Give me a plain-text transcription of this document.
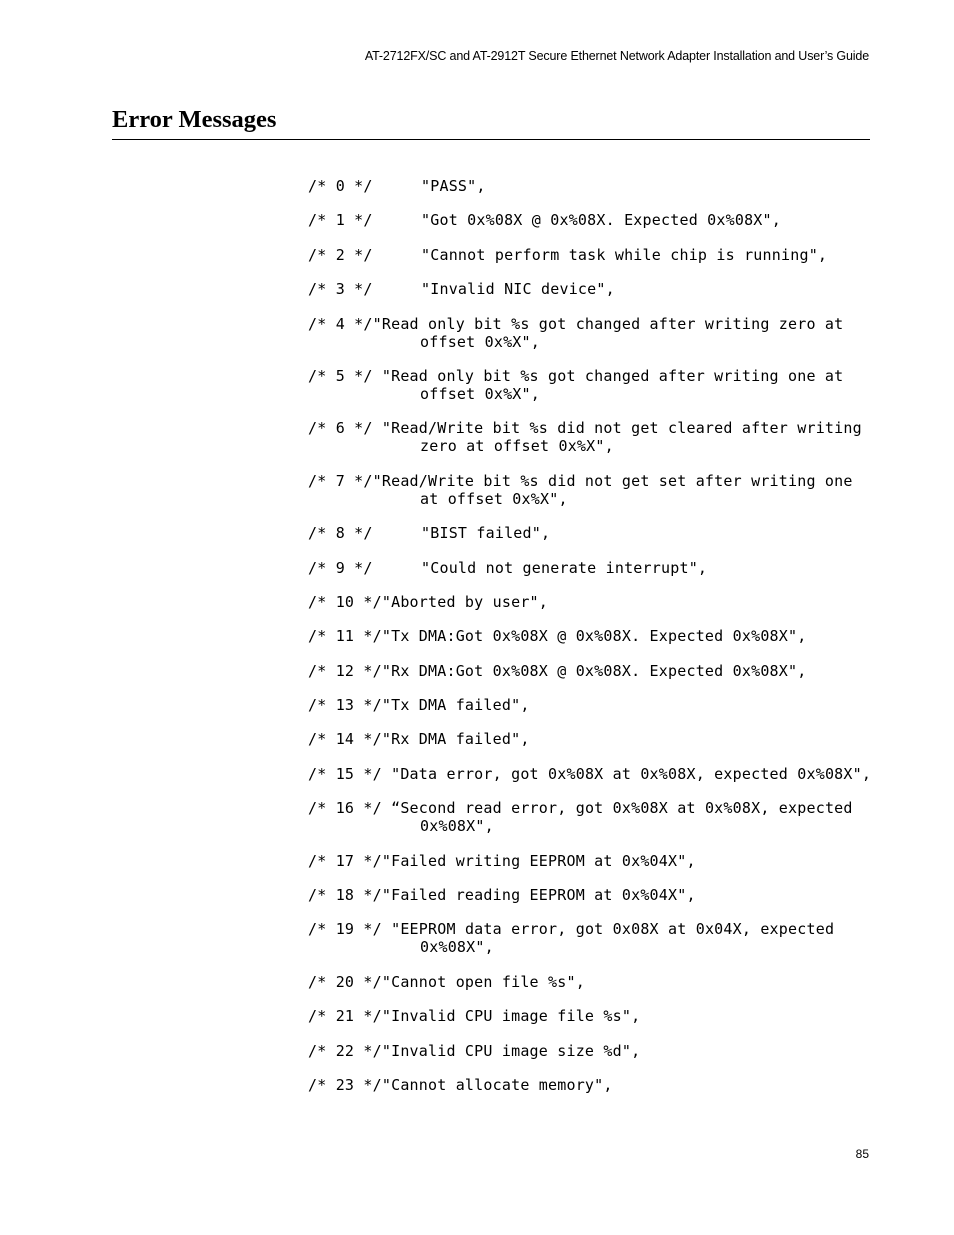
AT-2712FX/SC and AT-2912T Secure Ethernet Network Adapter Installation and User’s Guide
Error Messages
/* 0 */	"PASS",
/* 1 */	"Got 0x%08X @ 0x%08X. Expected 0x%08X",
/* 2 */	"Cannot perform task while chip is running",
/* 3 */	"Invalid NIC device",
/* 4 */"Read only bit %s got changed after writing zero at offset 0x%X",
/* 5 */ "Read only bit %s got changed after writing one at offset 0x%X",
/* 6 */ "Read/Write bit %s did not get cleared after writing zero at offset 0x%X",
/* 7 */"Read/Write bit %s did not get set after writing one at offset 0x%X",
/* 8 */	"BIST failed",
/* 9 */	"Could not generate interrupt",
/* 10 */ "Aborted by user",
/* 11 */ "Tx DMA:Got 0x%08X @ 0x%08X. Expected 0x%08X",
/* 12 */ "Rx DMA:Got 0x%08X @ 0x%08X. Expected 0x%08X",
/* 13 */ "Tx DMA failed",
/* 14 */ "Rx DMA failed",
/* 15 */ "Data error, got 0x%08X at 0x%08X, expected 0x%08X",
/* 16 */ “Second read error, got 0x%08X at 0x%08X, expected 0x%08X",
/* 17 */ "Failed writing EEPROM at 0x%04X",
/* 18 */ "Failed reading EEPROM at 0x%04X",
/* 19 */ "EEPROM data error, got 0x08X at 0x04X, expected 0x%08X",
/* 20 */ "Cannot open file %s",
/* 21 */ "Invalid CPU image file %s",
/* 22 */ "Invalid CPU image size %d",
/* 23 */ "Cannot allocate memory",
85
